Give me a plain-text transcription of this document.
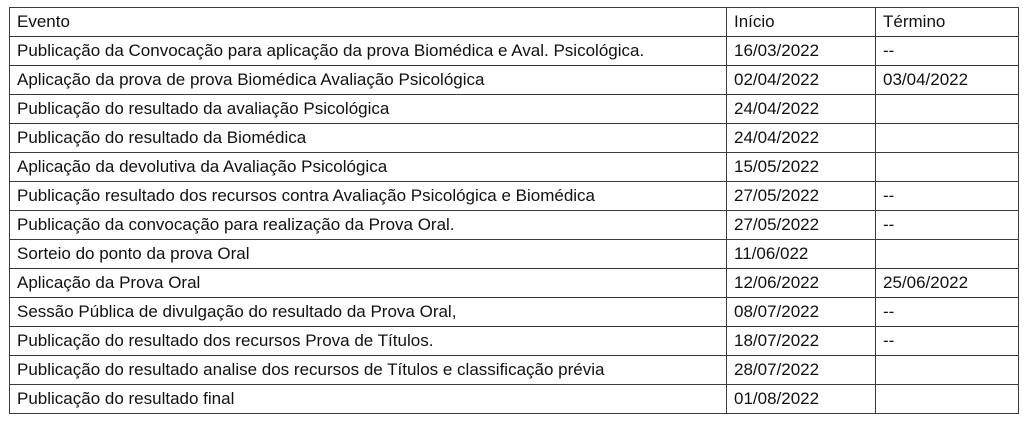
Evento	Início	Término
Publicação da Convocação para aplicação da prova Biomédica e Aval. Psicológica.	16/03/2022	--
Aplicação da prova de prova Biomédica Avaliação Psicológica	02/04/2022	03/04/2022
Publicação do resultado da avaliação Psicológica	24/04/2022	
Publicação do resultado da Biomédica	24/04/2022	
Aplicação da devolutiva da Avaliação Psicológica	15/05/2022	
Publicação resultado dos recursos contra Avaliação Psicológica e Biomédica	27/05/2022	--
Publicação da convocação para realização da Prova Oral.	27/05/2022	--
Sorteio do ponto da prova Oral	11/06/022	
Aplicação da Prova Oral	12/06/2022	25/06/2022
Sessão Pública de divulgação do resultado da Prova Oral,	08/07/2022	--
Publicação do resultado dos recursos Prova de Títulos.	18/07/2022	--
Publicação do resultado analise dos recursos de Títulos e classificação prévia	28/07/2022	
Publicação do resultado final	01/08/2022	
